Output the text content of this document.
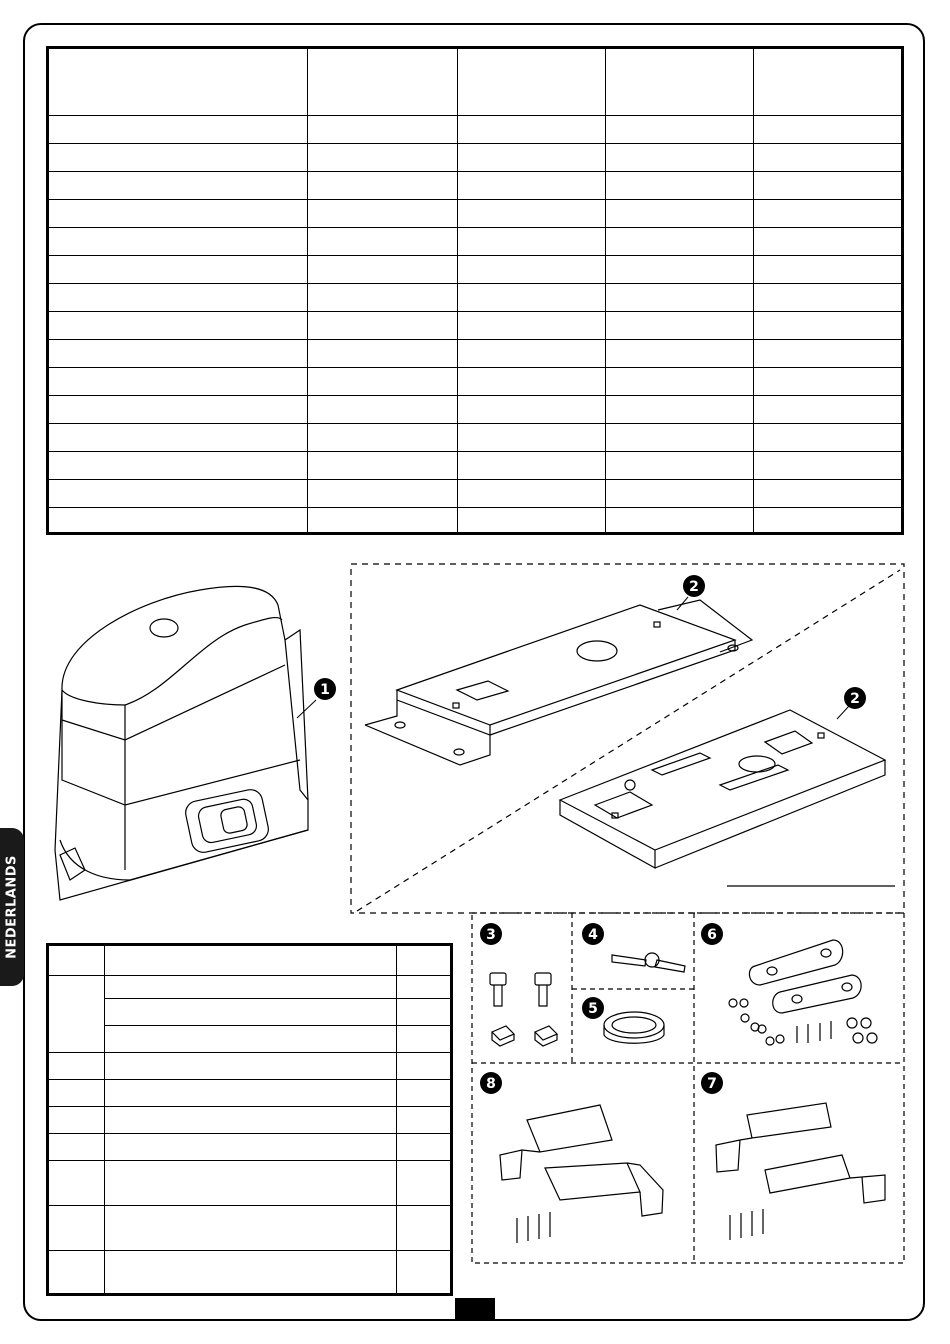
NEDERLANDS

1
2
2
3	4
5
6
8	7
